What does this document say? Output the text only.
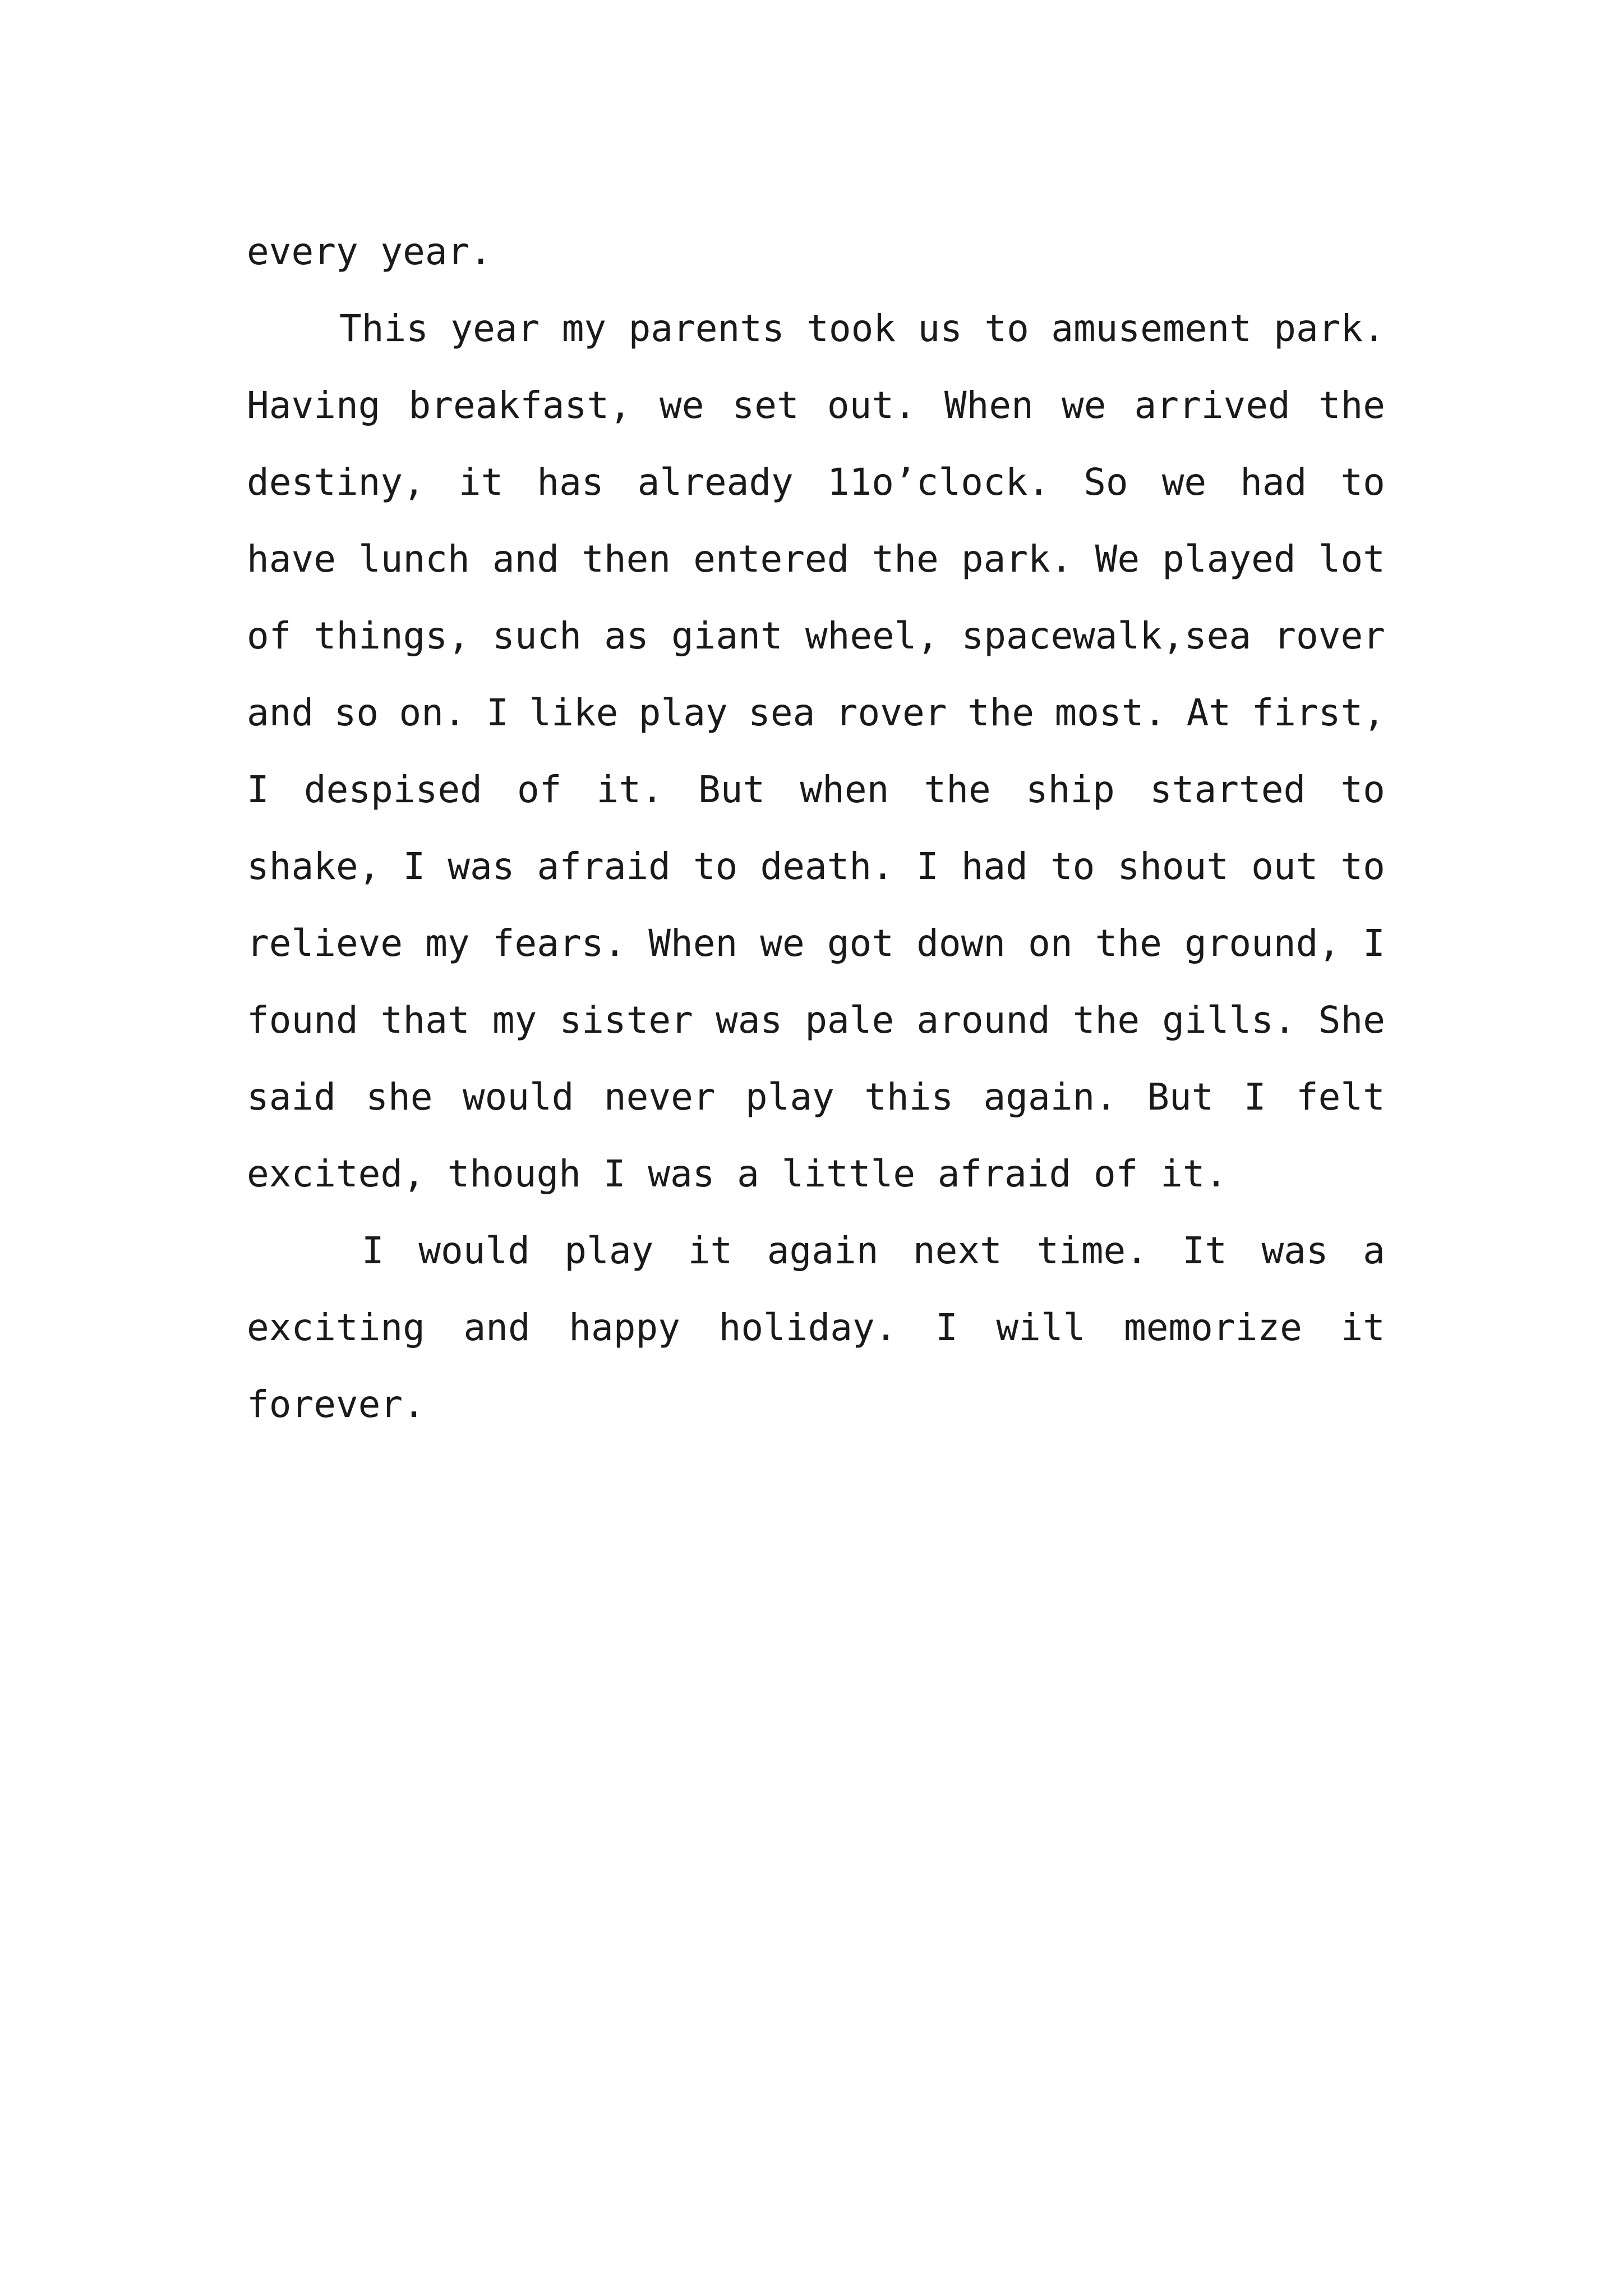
every year.
This year my parents took us to amusement park.
Having breakfast, we set out. When we arrived the
destiny, it has already 11o’clock. So we had to
have lunch and then entered the park. We played lot
of things, such as giant wheel, spacewalk,sea rover
and so on. I like play sea rover the most. At first,
I despised of it. But when the ship started to
shake, I was afraid to death. I had to shout out to
relieve my fears. When we got down on the ground, I
found that my sister was pale around the gills. She
said she would never play this again. But I felt
excited, though I was a little afraid of it.
I would play it again next time. It was a
exciting and happy holiday. I will memorize it
forever.
